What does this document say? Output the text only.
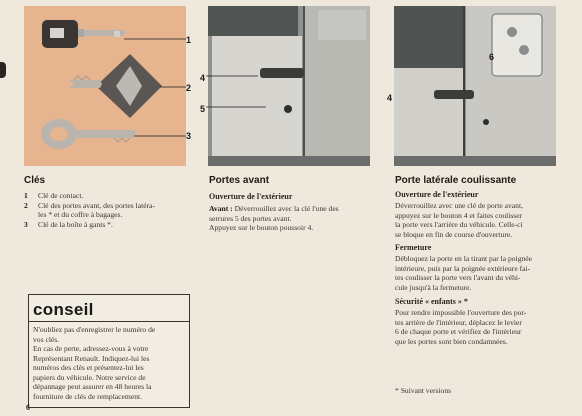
1
2
3
4
5
4
6
Clés
1	Clé de contact.
2	Clé des portes avant, des portes latéra-
les * et du coffre à bagages.
3	Clé de la boîte à gants *.
Portes avant
Ouverture de l'extérieur
Avant : Déverrouillez avec la clé l'une des
serrures 5 des portes avant.
Appuyez sur le bouton poussoir 4.
Porte latérale coulissante
Ouverture de l'extérieur
Déverrouillez avec une clé de porte avant,
appuyez sur le bouton 4 et faites coulisser
la porte vers l'arrière du véhicule. Celle-ci
se bloque en fin de course d'ouverture.
Fermeture
Débloquez la porte en la tirant par la poignée
intérieure, puis par la poignée extérieure fai-
tes coulisser la porte vers l'avant du véhi-
cule jusqu'à la fermeture.
Sécurité « enfants » *
Pour rendre impossible l'ouverture des por-
tes arrière de l'intérieur, déplacez le levier
6 de chaque porte et vérifiez de l'intérieur
que les portes sont bien condamnées.
conseil
N'oubliez pas d'enregistrer le numéro de
vos clés.
En cas de perte, adressez-vous à votre
Représentant Renault. Indiquez-lui les
numéros des clés et présentez-lui les
papiers du véhicule. Notre service de
dépannage peut assurer en 48 heures la
fourniture de clés de remplacement.
* Suivant versions
6
